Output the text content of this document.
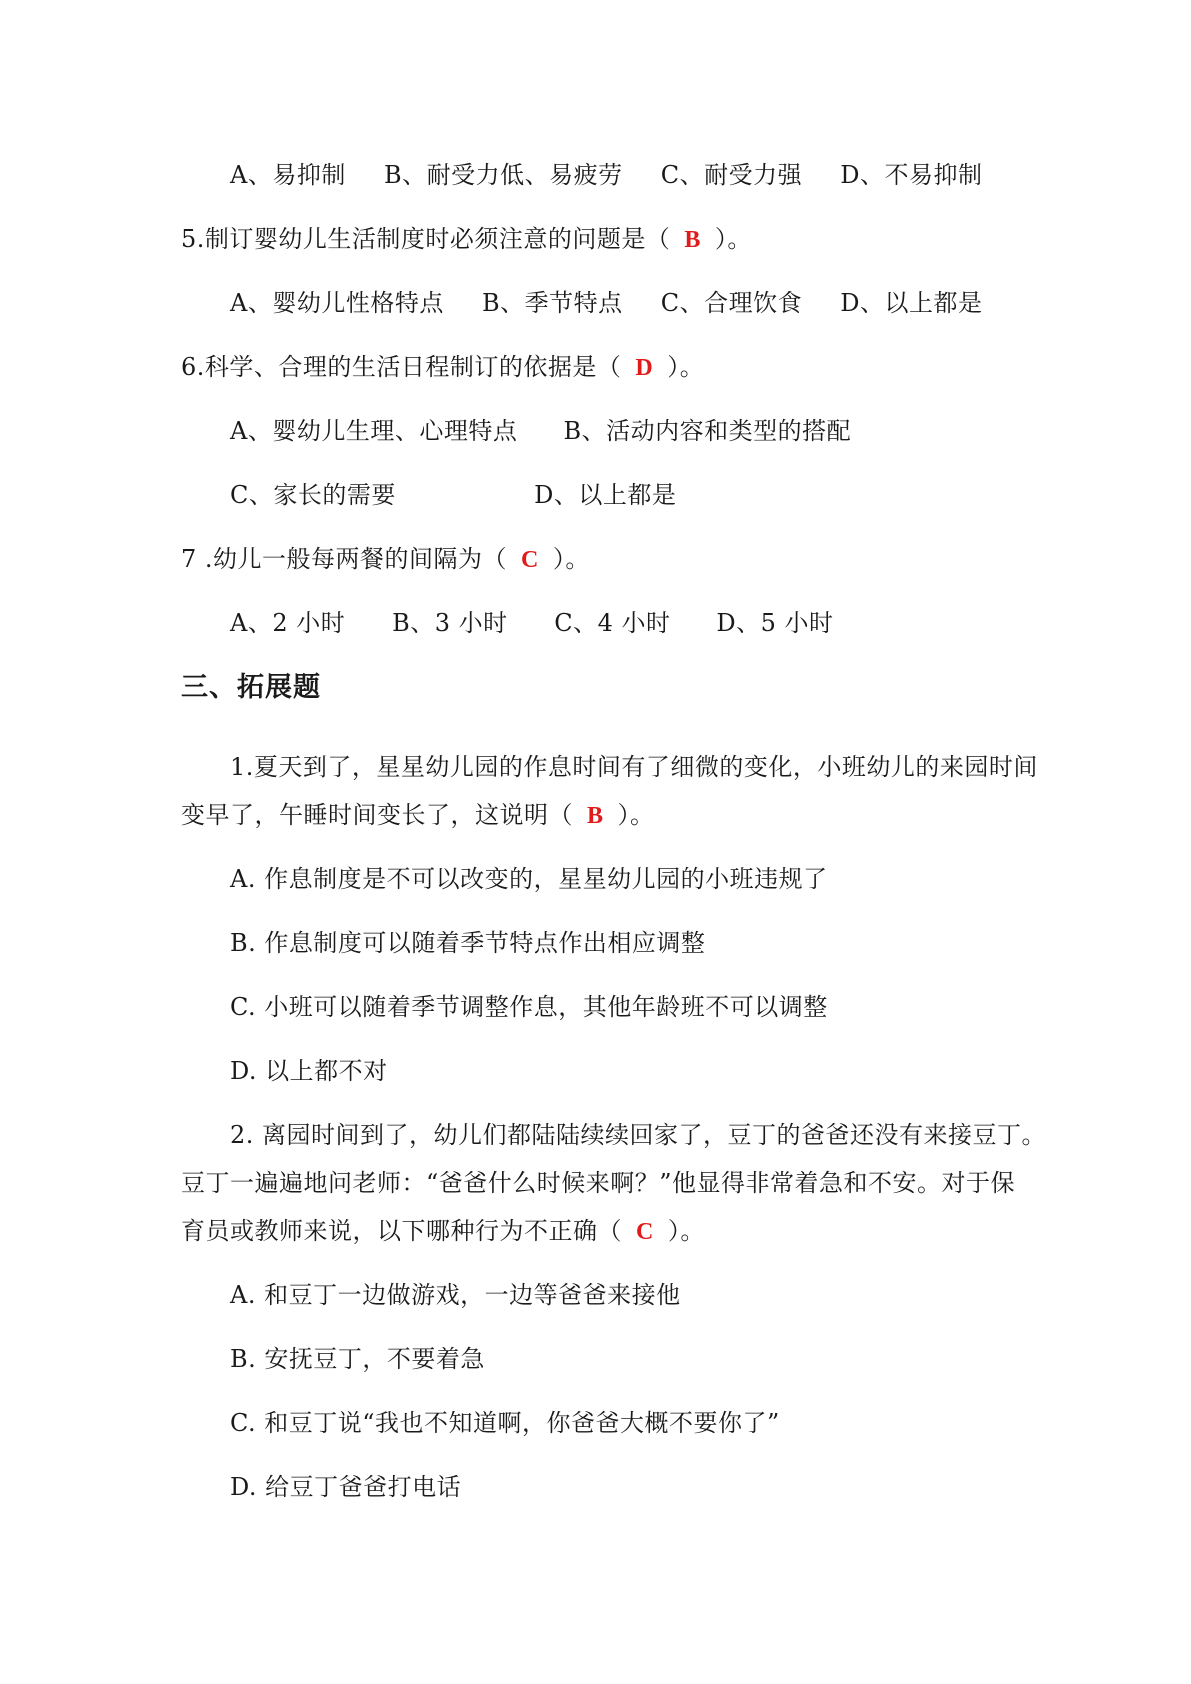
A、易抑制 B、耐受力低、易疲劳 C、耐受力强 D、不易抑制
5.制订婴幼儿生活制度时必须注意的问题是（ B ）。
A、婴幼儿性格特点 B、季节特点 C、合理饮食 D、以上都是
6.科学、合理的生活日程制订的依据是（ D ）。
A、婴幼儿生理、心理特点 B、活动内容和类型的搭配
C、家长的需要	D、以上都是
7 .幼儿一般每两餐的间隔为（ C ）。
A、2 小时 B、3 小时 C、4 小时 D、5 小时
三、拓展题
1.夏天到了，星星幼儿园的作息时间有了细微的变化，小班幼儿的来园时间
变早了，午睡时间变长了，这说明（ B ）。
A. 作息制度是不可以改变的，星星幼儿园的小班违规了
B. 作息制度可以随着季节特点作出相应调整
C. 小班可以随着季节调整作息，其他年龄班不可以调整
D. 以上都不对
2. 离园时间到了，幼儿们都陆陆续续回家了，豆丁的爸爸还没有来接豆丁。
豆丁一遍遍地问老师：“爸爸什么时候来啊？”他显得非常着急和不安。对于保
育员或教师来说，以下哪种行为不正确（ C ）。
A. 和豆丁一边做游戏，一边等爸爸来接他
B. 安抚豆丁，不要着急
C. 和豆丁说“我也不知道啊，你爸爸大概不要你了”
D. 给豆丁爸爸打电话
